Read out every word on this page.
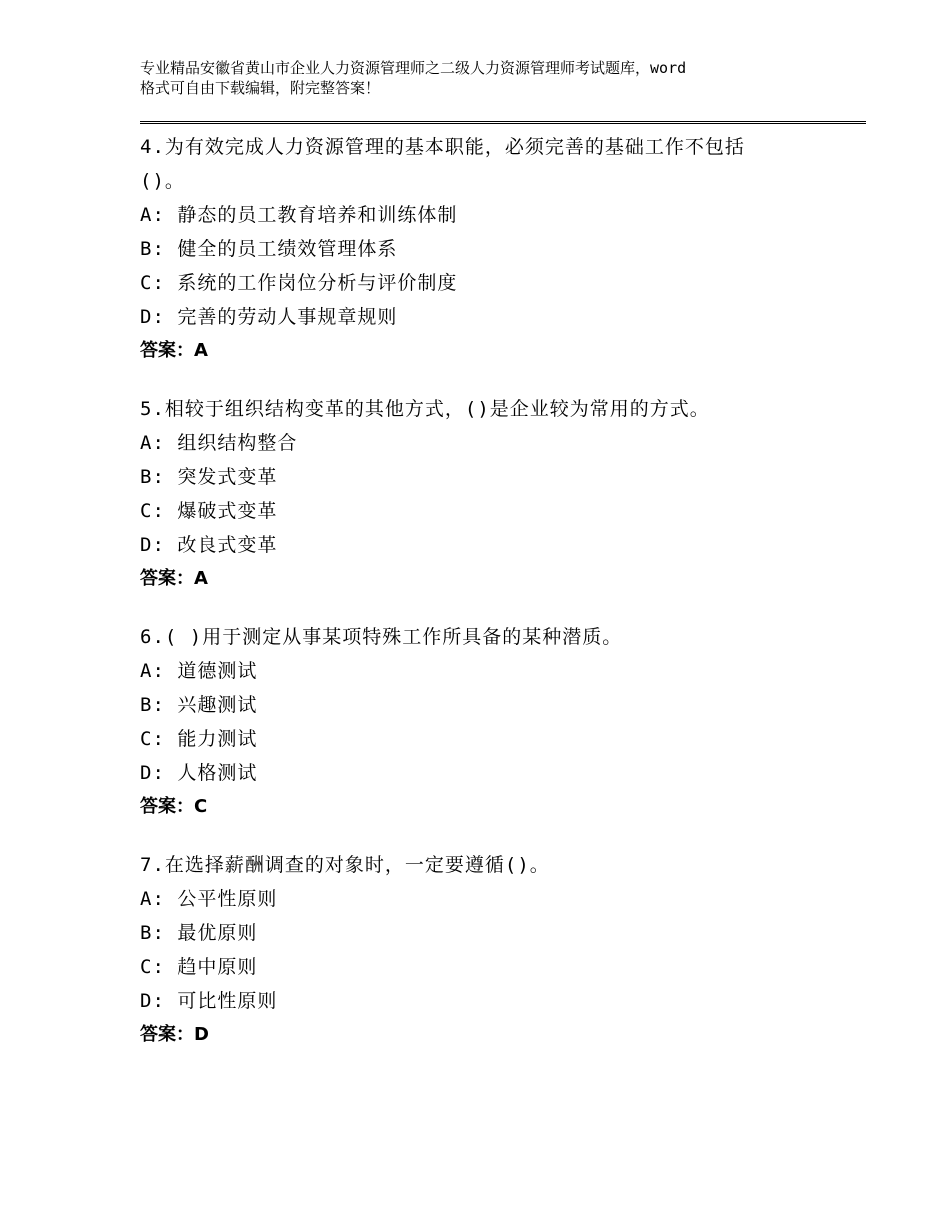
专业精品安徽省黄山市企业人力资源管理师之二级人力资源管理师考试题库，word
格式可自由下载编辑，附完整答案！
4.为有效完成人力资源管理的基本职能，必须完善的基础工作不包括
()。
A: 静态的员工教育培养和训练体制
B: 健全的员工绩效管理体系
C: 系统的工作岗位分析与评价制度
D: 完善的劳动人事规章规则
答案：A
5.相较于组织结构变革的其他方式，()是企业较为常用的方式。
A: 组织结构整合
B: 突发式变革
C: 爆破式变革
D: 改良式变革
答案：A
6.( )用于测定从事某项特殊工作所具备的某种潜质。
A: 道德测试
B: 兴趣测试
C: 能力测试
D: 人格测试
答案：C
7.在选择薪酬调查的对象时，一定要遵循()。
A: 公平性原则
B: 最优原则
C: 趋中原则
D: 可比性原则
答案：D
